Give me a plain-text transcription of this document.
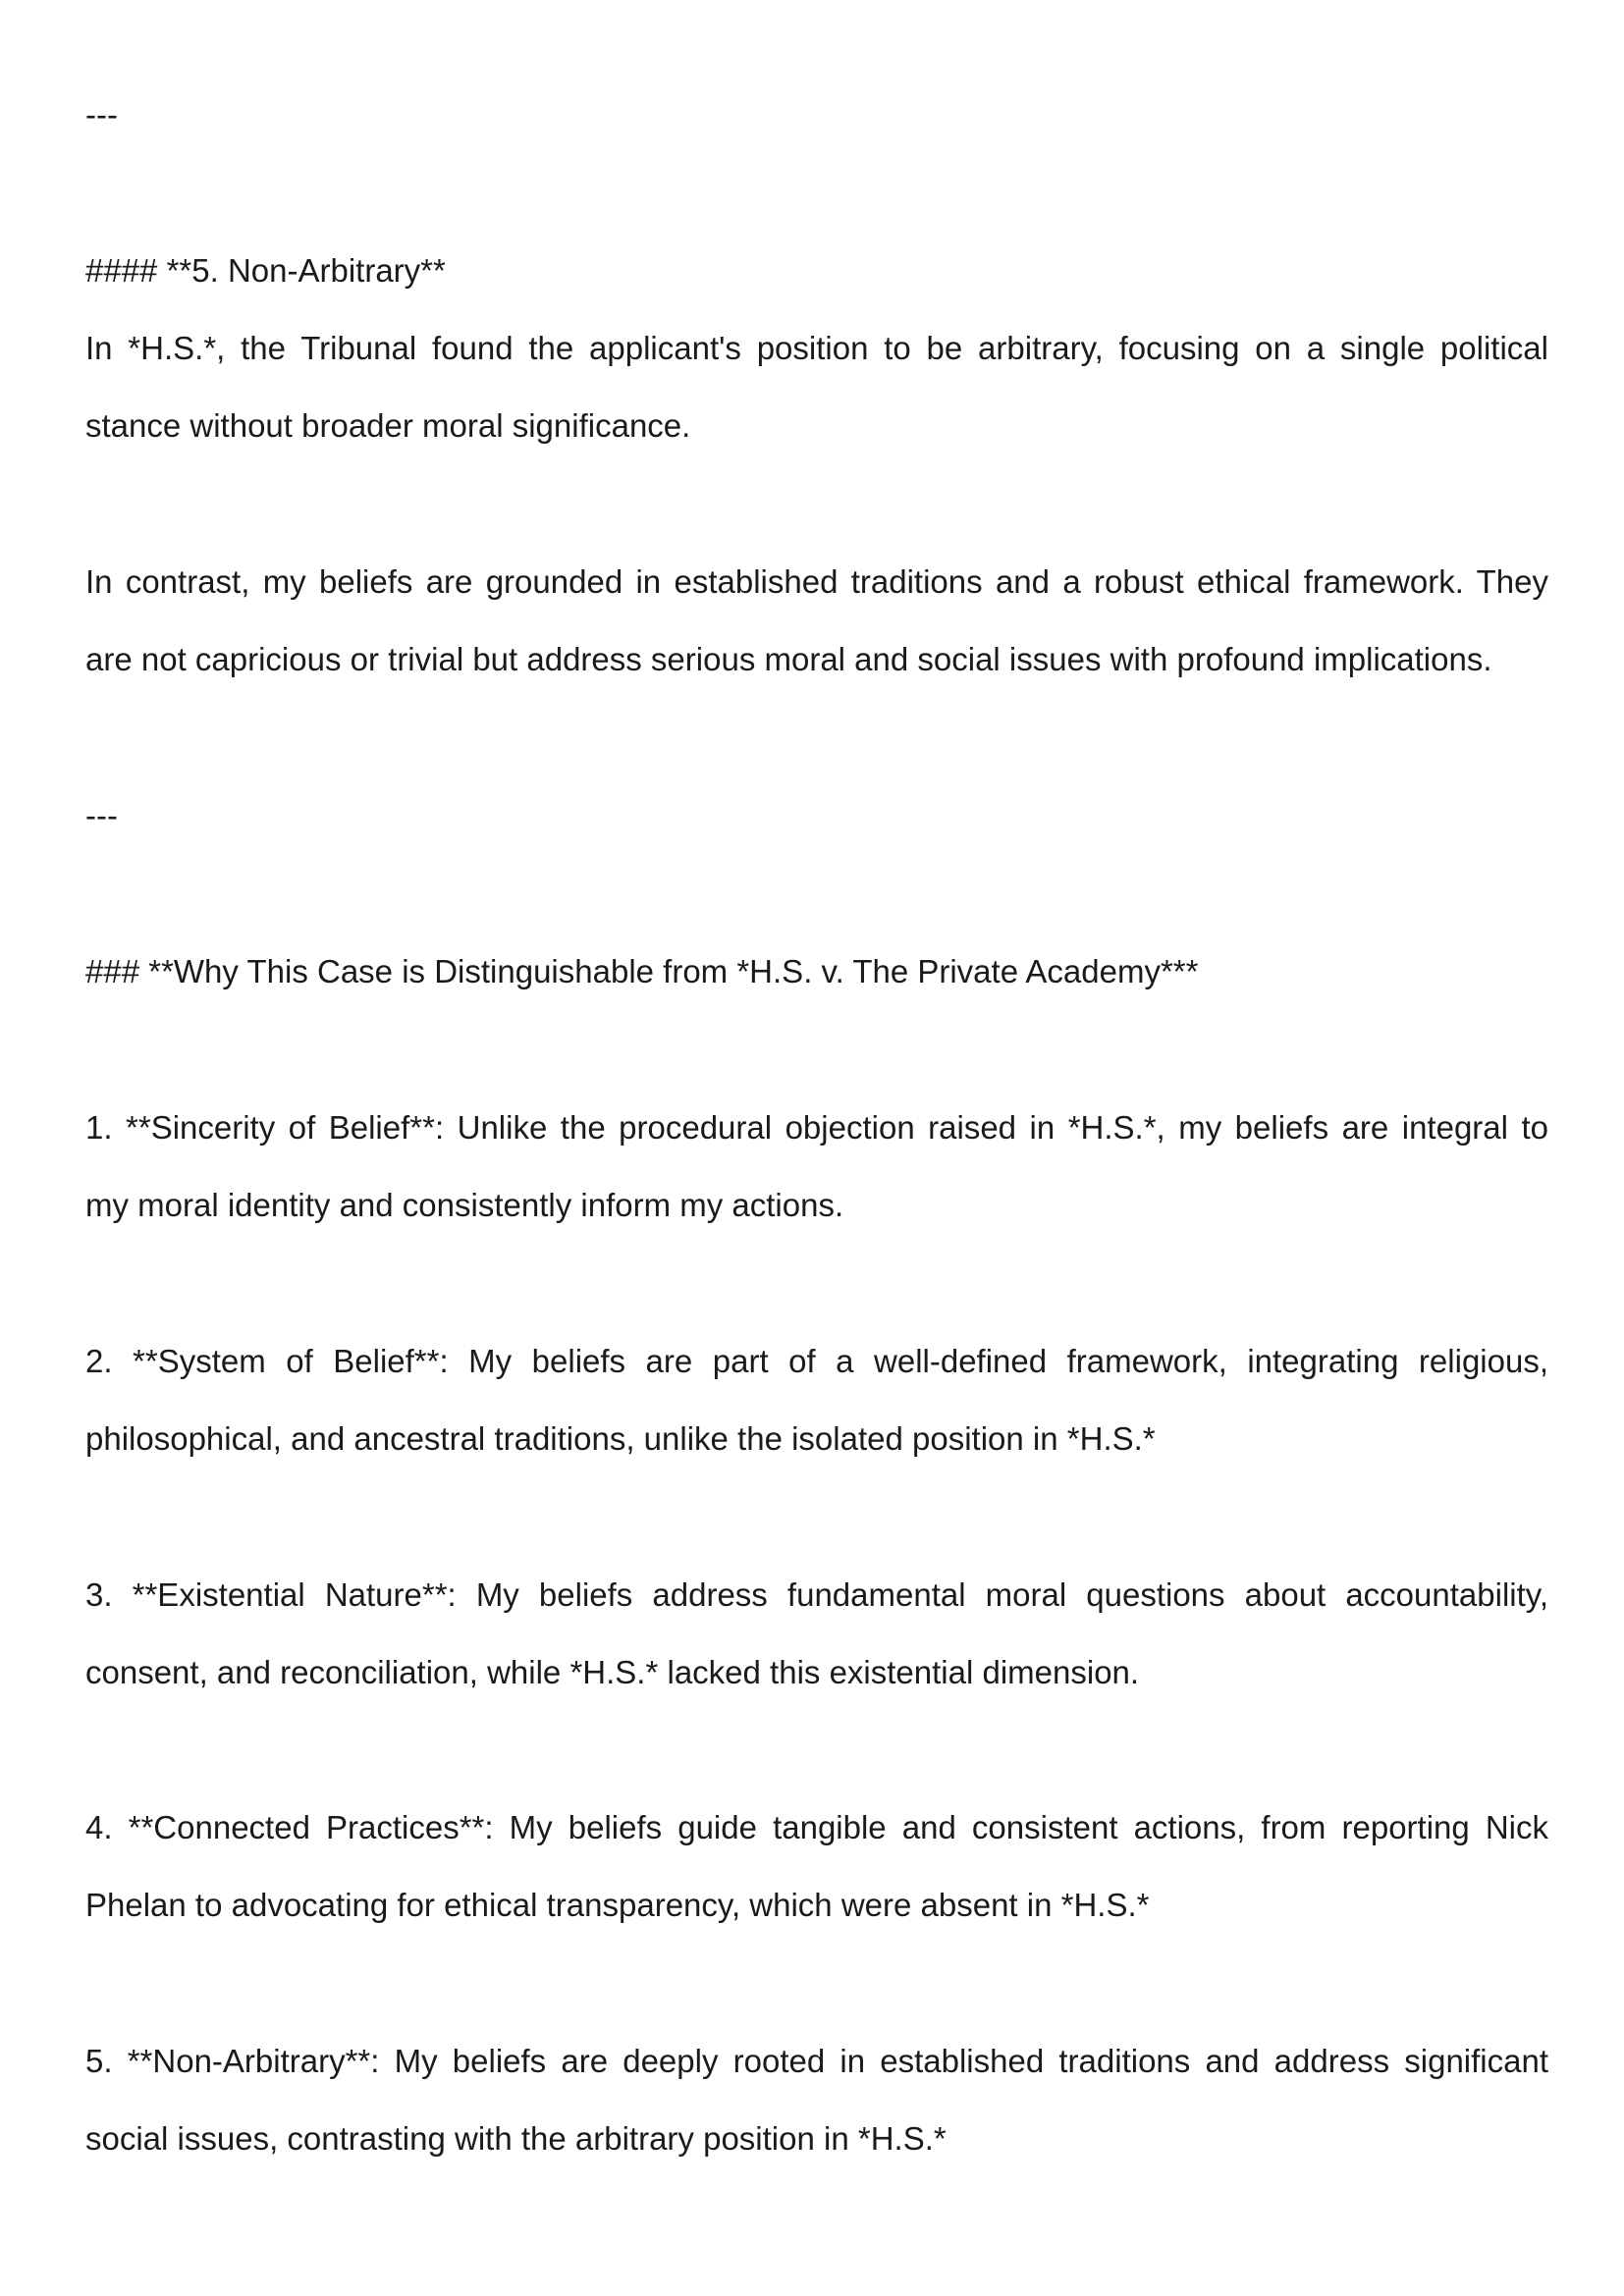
---

#### **5. Non-Arbitrary**

In *H.S.*, the Tribunal found the applicant's position to be arbitrary, focusing on a single political

stance without broader moral significance.

In contrast, my beliefs are grounded in established traditions and a robust ethical framework. They

are not capricious or trivial but address serious moral and social issues with profound implications.

---

### **Why This Case is Distinguishable from *H.S. v. The Private Academy***

1. **Sincerity of Belief**: Unlike the procedural objection raised in *H.S.*, my beliefs are integral to

my moral identity and consistently inform my actions.

2. **System of Belief**: My beliefs are part of a well-defined framework, integrating religious,

philosophical, and ancestral traditions, unlike the isolated position in *H.S.*

3. **Existential Nature**: My beliefs address fundamental moral questions about accountability,

consent, and reconciliation, while *H.S.* lacked this existential dimension.

4. **Connected Practices**: My beliefs guide tangible and consistent actions, from reporting Nick

Phelan to advocating for ethical transparency, which were absent in *H.S.*

5. **Non-Arbitrary**: My beliefs are deeply rooted in established traditions and address significant

social issues, contrasting with the arbitrary position in *H.S.*
